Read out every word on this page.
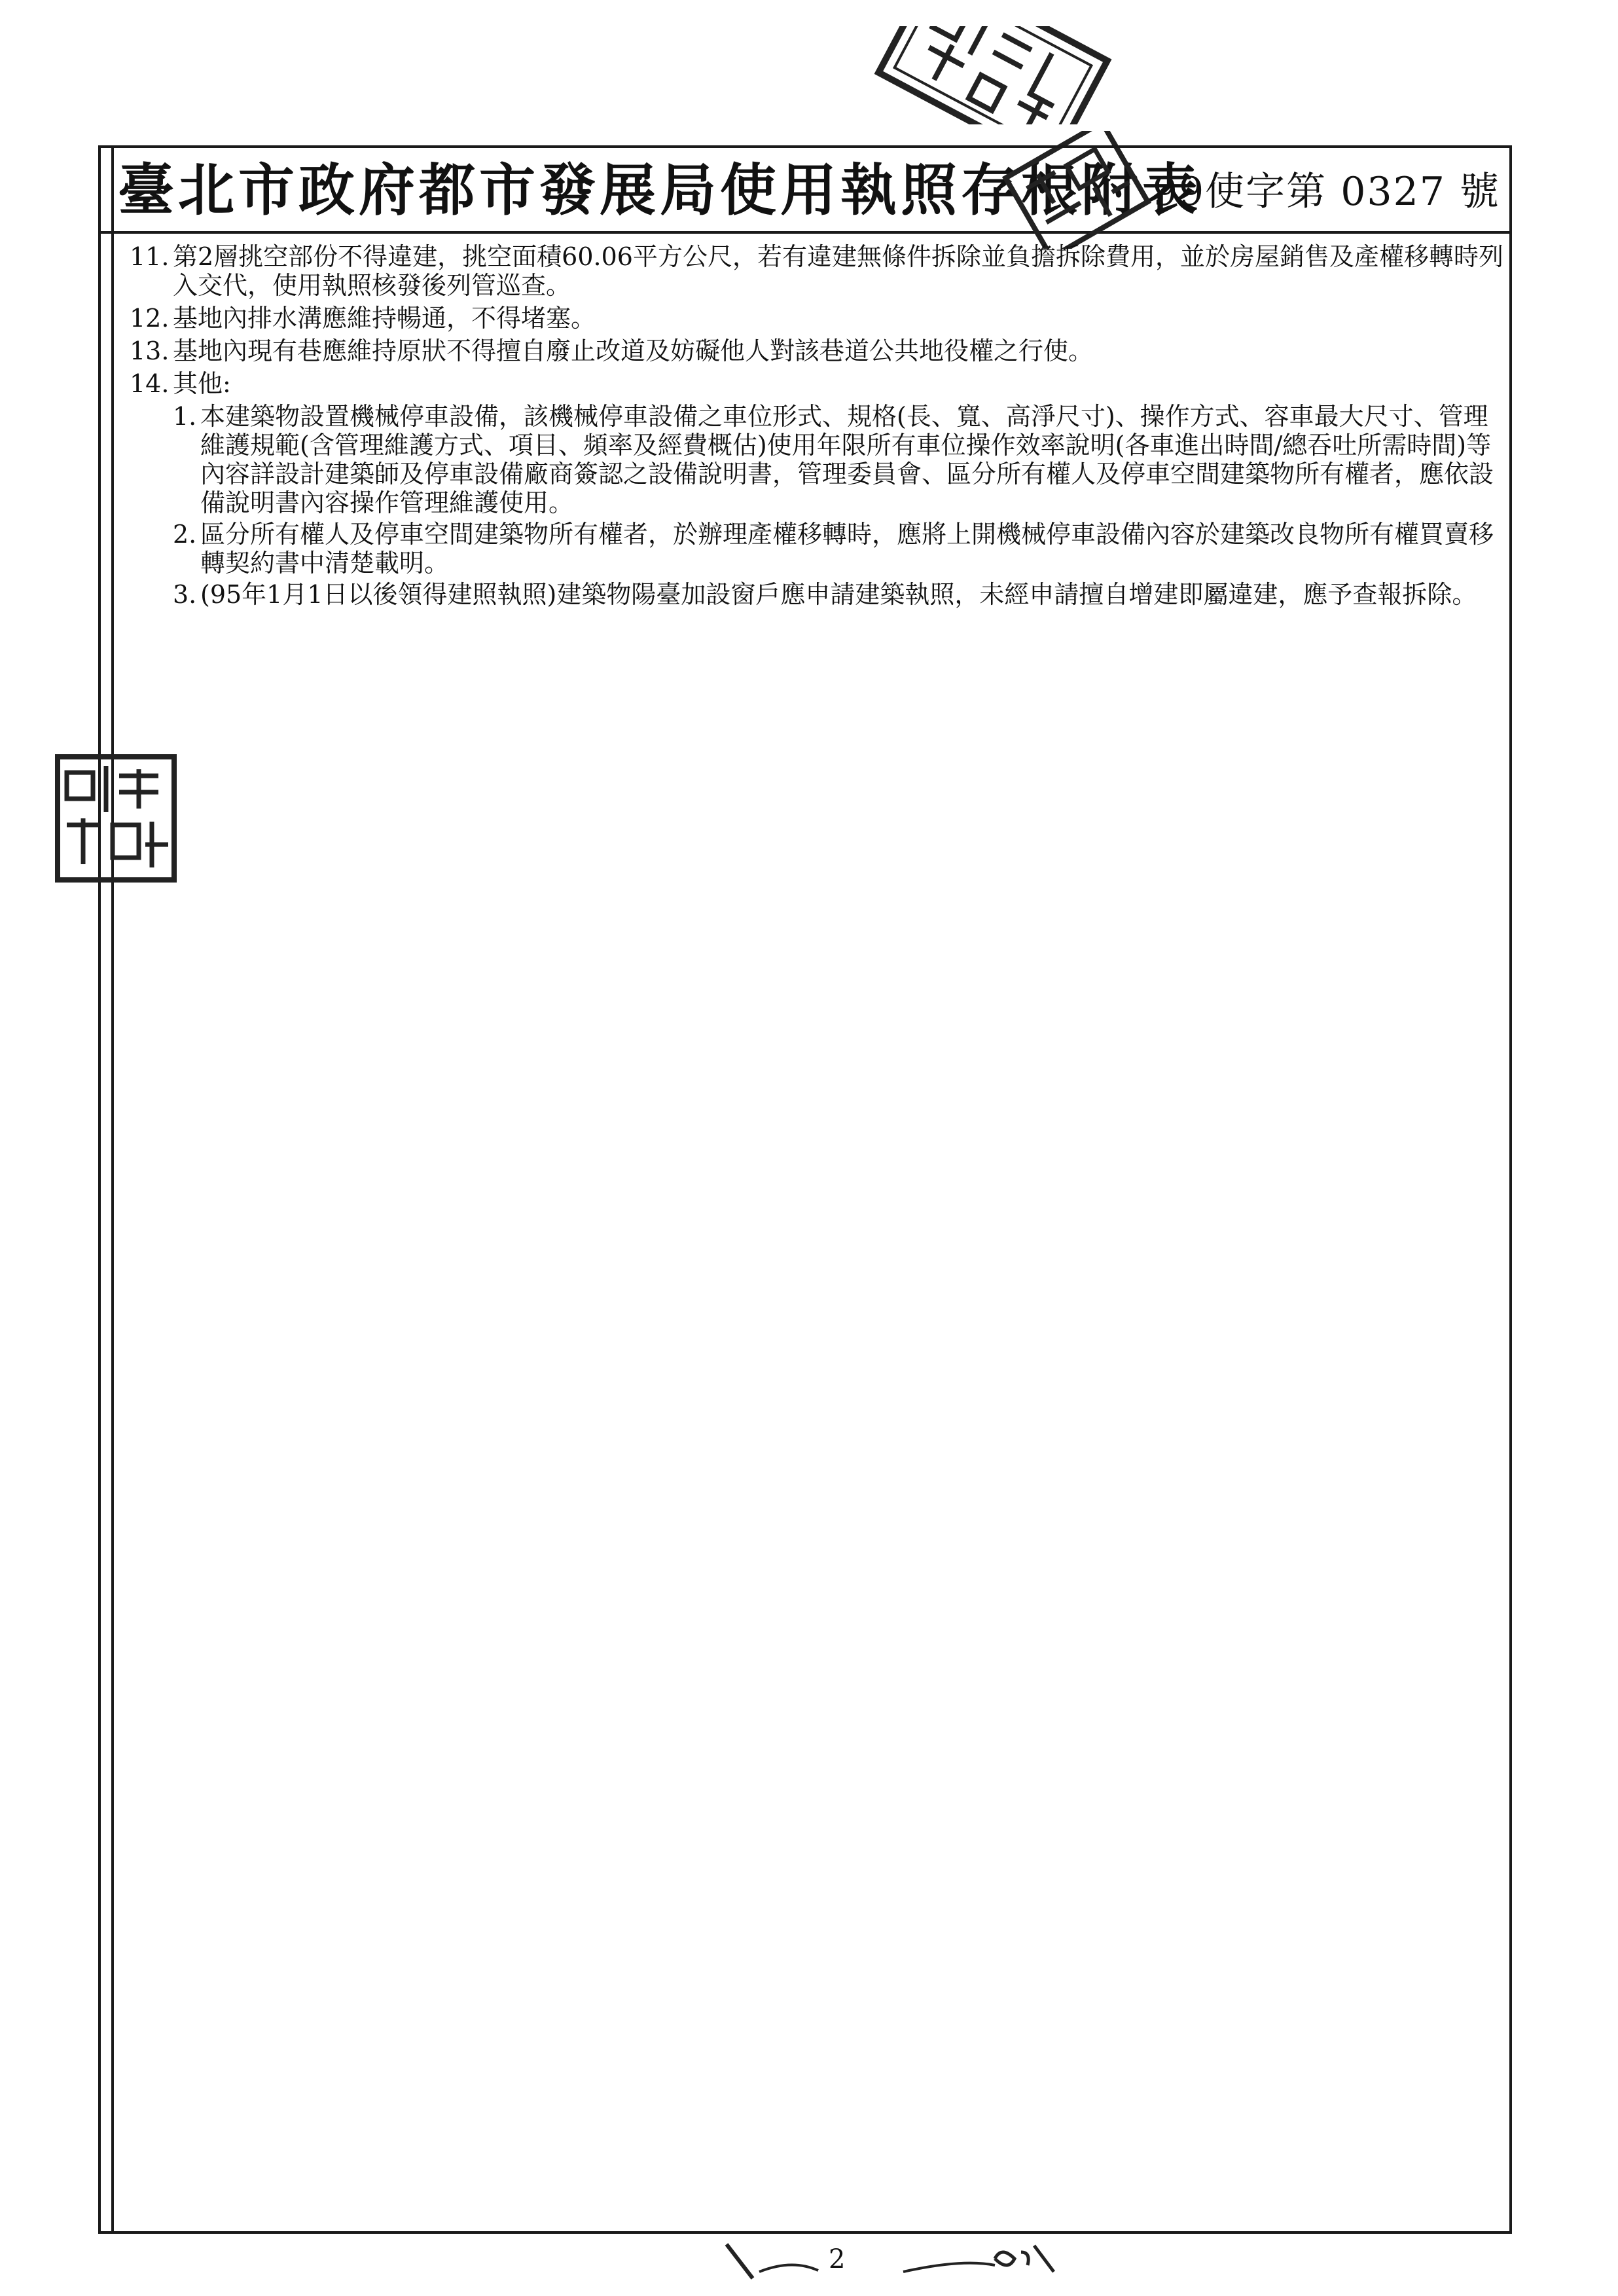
臺北市政府都市發展局使用執照存根附表
99使字第 0327 號
11. 第2層挑空部份不得違建，挑空面積60.06平方公尺，若有違建無條件拆除並負擔拆除費用，並於房屋銷售及產權移轉時列入交代，使用執照核發後列管巡查。
12. 基地內排水溝應維持暢通，不得堵塞。
13. 基地內現有巷應維持原狀不得擅自廢止改道及妨礙他人對該巷道公共地役權之行使。
14. 其他:
1. 本建築物設置機械停車設備，該機械停車設備之車位形式、規格(長、寬、高淨尺寸)、操作方式、容車最大尺寸、管理維護規範(含管理維護方式、項目、頻率及經費概估)使用年限所有車位操作效率說明(各車進出時間/總吞吐所需時間)等內容詳設計建築師及停車設備廠商簽認之設備說明書，管理委員會、區分所有權人及停車空間建築物所有權者，應依設備說明書內容操作管理維護使用。
2. 區分所有權人及停車空間建築物所有權者，於辦理產權移轉時，應將上開機械停車設備內容於建築改良物所有權買賣移轉契約書中清楚載明。
3. (95年1月1日以後領得建照執照)建築物陽臺加設窗戶應申請建築執照，未經申請擅自增建即屬違建，應予查報拆除。
2
